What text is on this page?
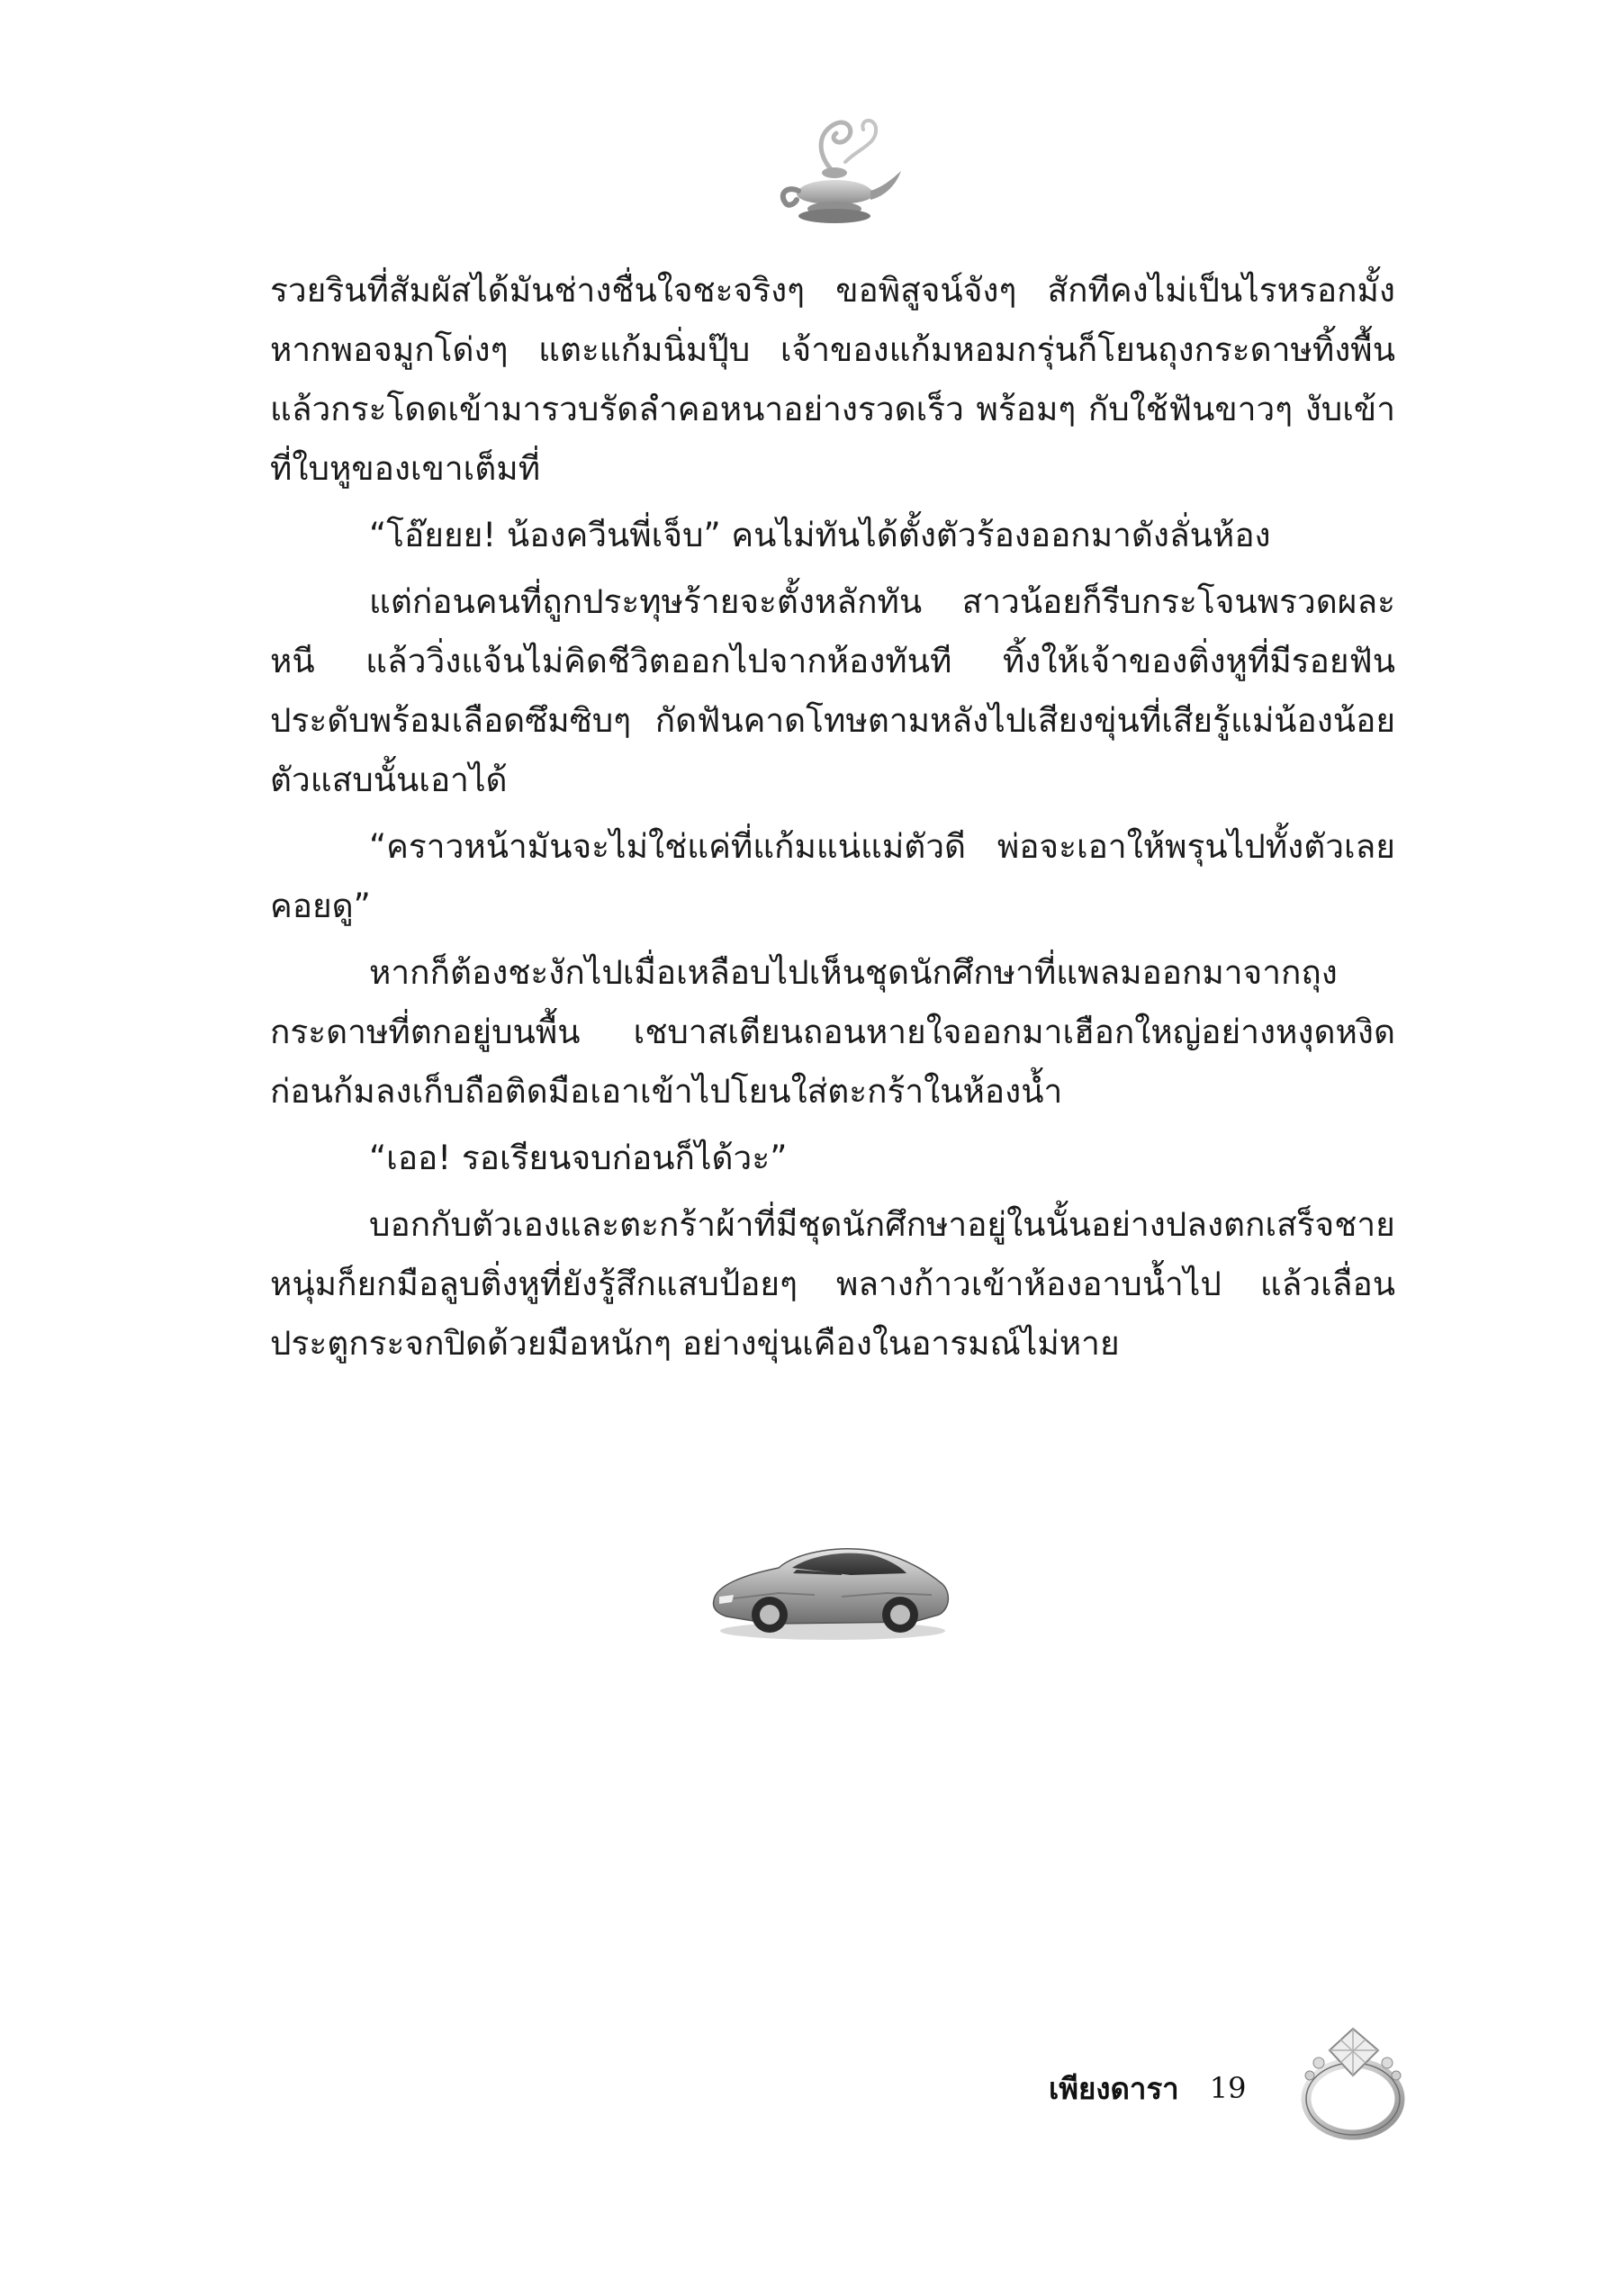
รวยรินที่สัมผัสได้มันช่างชื่นใจชะจริงๆ ขอพิสูจน์จังๆ สักทีคงไม่เป็นไรหรอกมั้ง หากพอจมูกโด่งๆ แตะแก้มนิ่มปุ๊บ เจ้าของแก้มหอมกรุ่นก็โยนถุงกระดาษทิ้งพื้น แล้วกระโดดเข้ามารวบรัดลำคอหนาอย่างรวดเร็ว พร้อมๆ กับใช้ฟันขาวๆ งับเข้าที่ใบหูของเขาเต็มที่

“โอ๊ยยย! น้องควีนพี่เจ็บ” คนไม่ทันได้ตั้งตัวร้องออกมาดังลั่นห้อง

แต่ก่อนคนที่ถูกประทุษร้ายจะตั้งหลักทัน สาวน้อยก็รีบกระโจนพรวดผละหนี แล้ววิ่งแจ้นไม่คิดชีวิตออกไปจากห้องทันที ทิ้งให้เจ้าของติ่งหูที่มีรอยฟันประดับพร้อมเลือดซึมซิบๆ กัดฟันคาดโทษตามหลังไปเสียงขุ่นที่เสียรู้แม่น้องน้อยตัวแสบนั้นเอาได้

“คราวหน้ามันจะไม่ใช่แค่ที่แก้มแน่แม่ตัวดี พ่อจะเอาให้พรุนไปทั้งตัวเลยคอยดู”

หากก็ต้องชะงักไปเมื่อเหลือบไปเห็นชุดนักศึกษาที่แพลมออกมาจากถุงกระดาษที่ตกอยู่บนพื้น เชบาสเตียนถอนหายใจออกมาเฮือกใหญ่อย่างหงุดหงิดก่อนก้มลงเก็บถือติดมือเอาเข้าไปโยนใส่ตะกร้าในห้องน้ำ

“เออ! รอเรียนจบก่อนก็ได้วะ”

บอกกับตัวเองและตะกร้าผ้าที่มีชุดนักศึกษาอยู่ในนั้นอย่างปลงตกเสร็จชายหนุ่มก็ยกมือลูบติ่งหูที่ยังรู้สึกแสบป้อยๆ พลางก้าวเข้าห้องอาบน้ำไป แล้วเลื่อนประตูกระจกปิดด้วยมือหนักๆ อย่างขุ่นเคืองในอารมณ์ไม่หาย

เพียงดารา 19
